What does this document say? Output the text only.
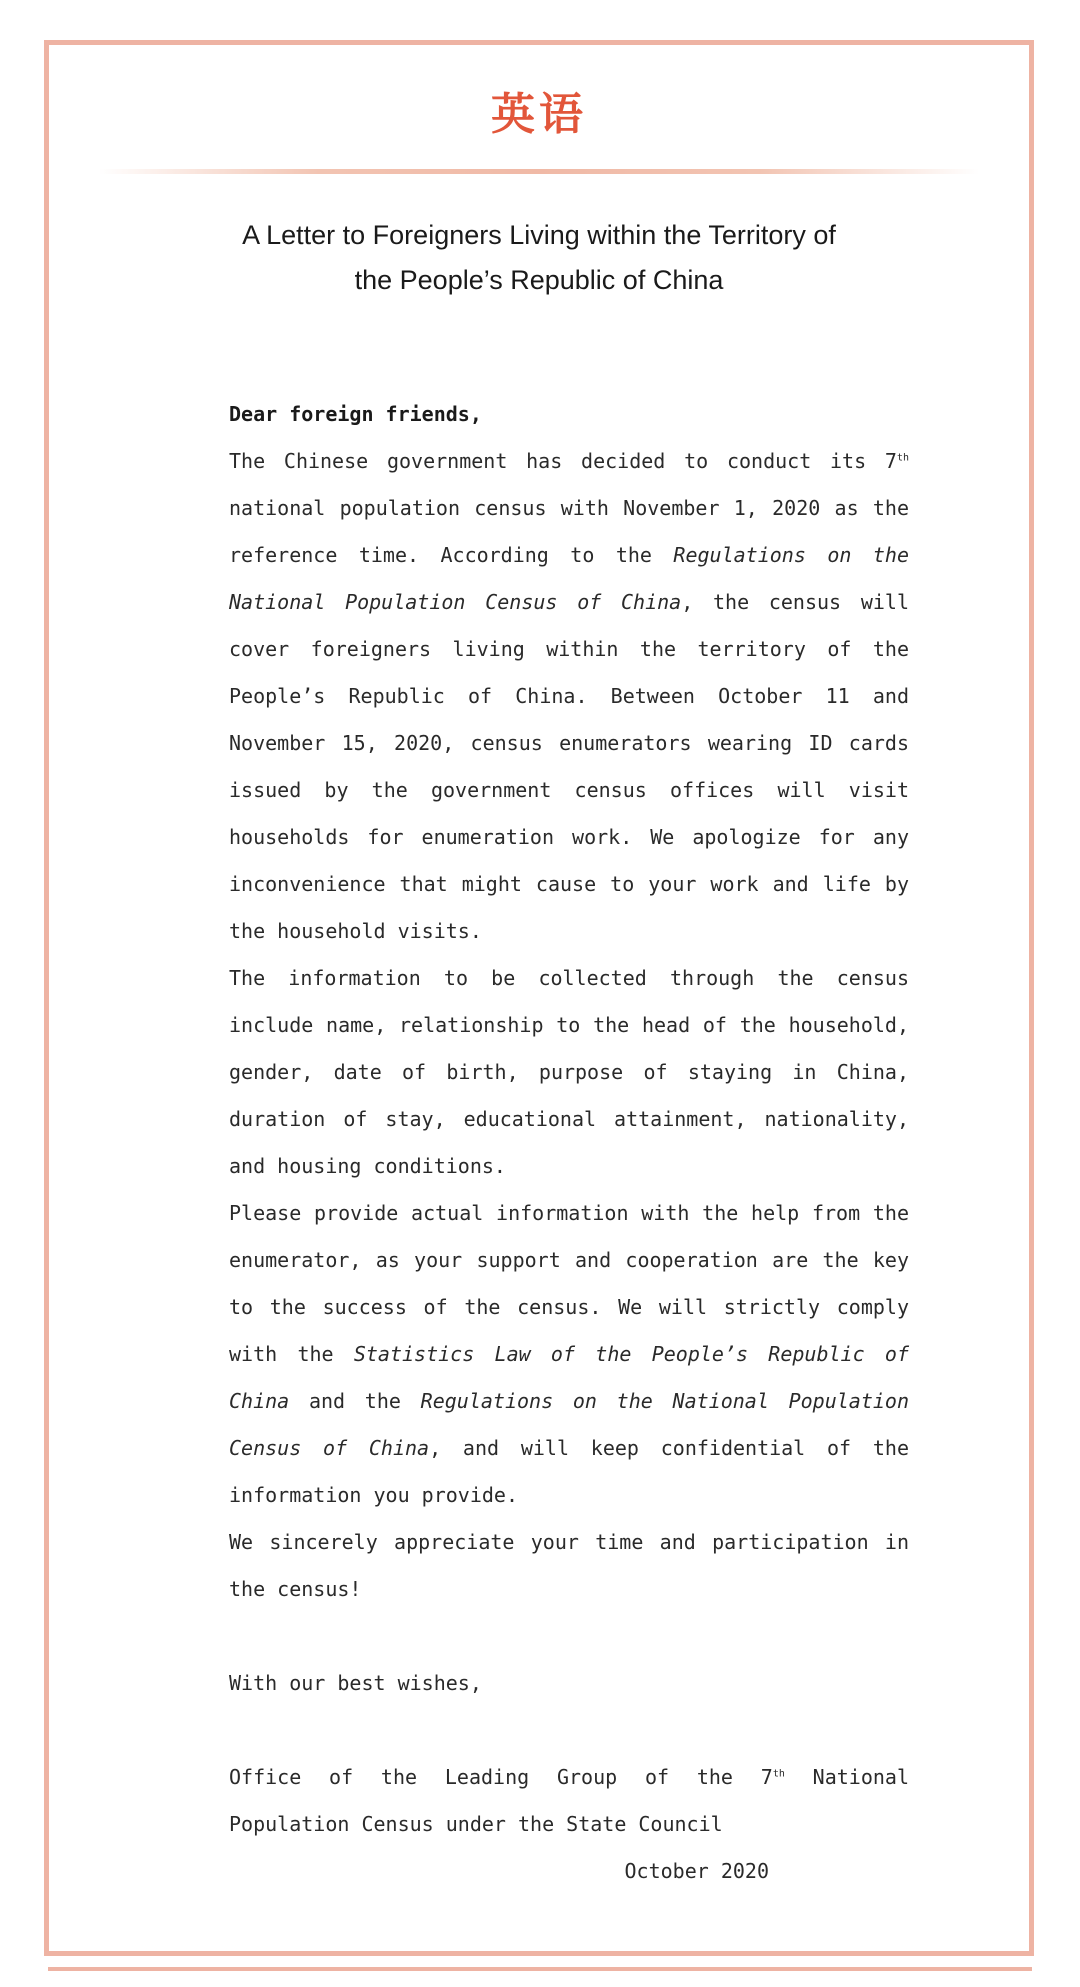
英语
A Letter to Foreigners Living within the Territory of
the People’s Republic of China

Dear foreign friends,

The Chinese government has decided to conduct its 7th national population census with November 1, 2020 as the reference time. According to the Regulations on the National Population Census of China, the census will cover foreigners living within the territory of the People’s Republic of China. Between October 11 and November 15, 2020, census enumerators wearing ID cards issued by the government census offices will visit households for enumeration work. We apologize for any inconvenience that might cause to your work and life by the household visits.

The information to be collected through the census include name, relationship to the head of the household, gender, date of birth, purpose of staying in China, duration of stay, educational attainment, nationality, and housing conditions.

Please provide actual information with the help from the enumerator, as your support and cooperation are the key to the success of the census. We will strictly comply with the Statistics Law of the People’s Republic of China and the Regulations on the National Population Census of China, and will keep confidential of the information you provide.

We sincerely appreciate your time and participation in the census!

With our best wishes,

Office of the Leading Group of the 7th National Population Census under the State Council

October 2020
